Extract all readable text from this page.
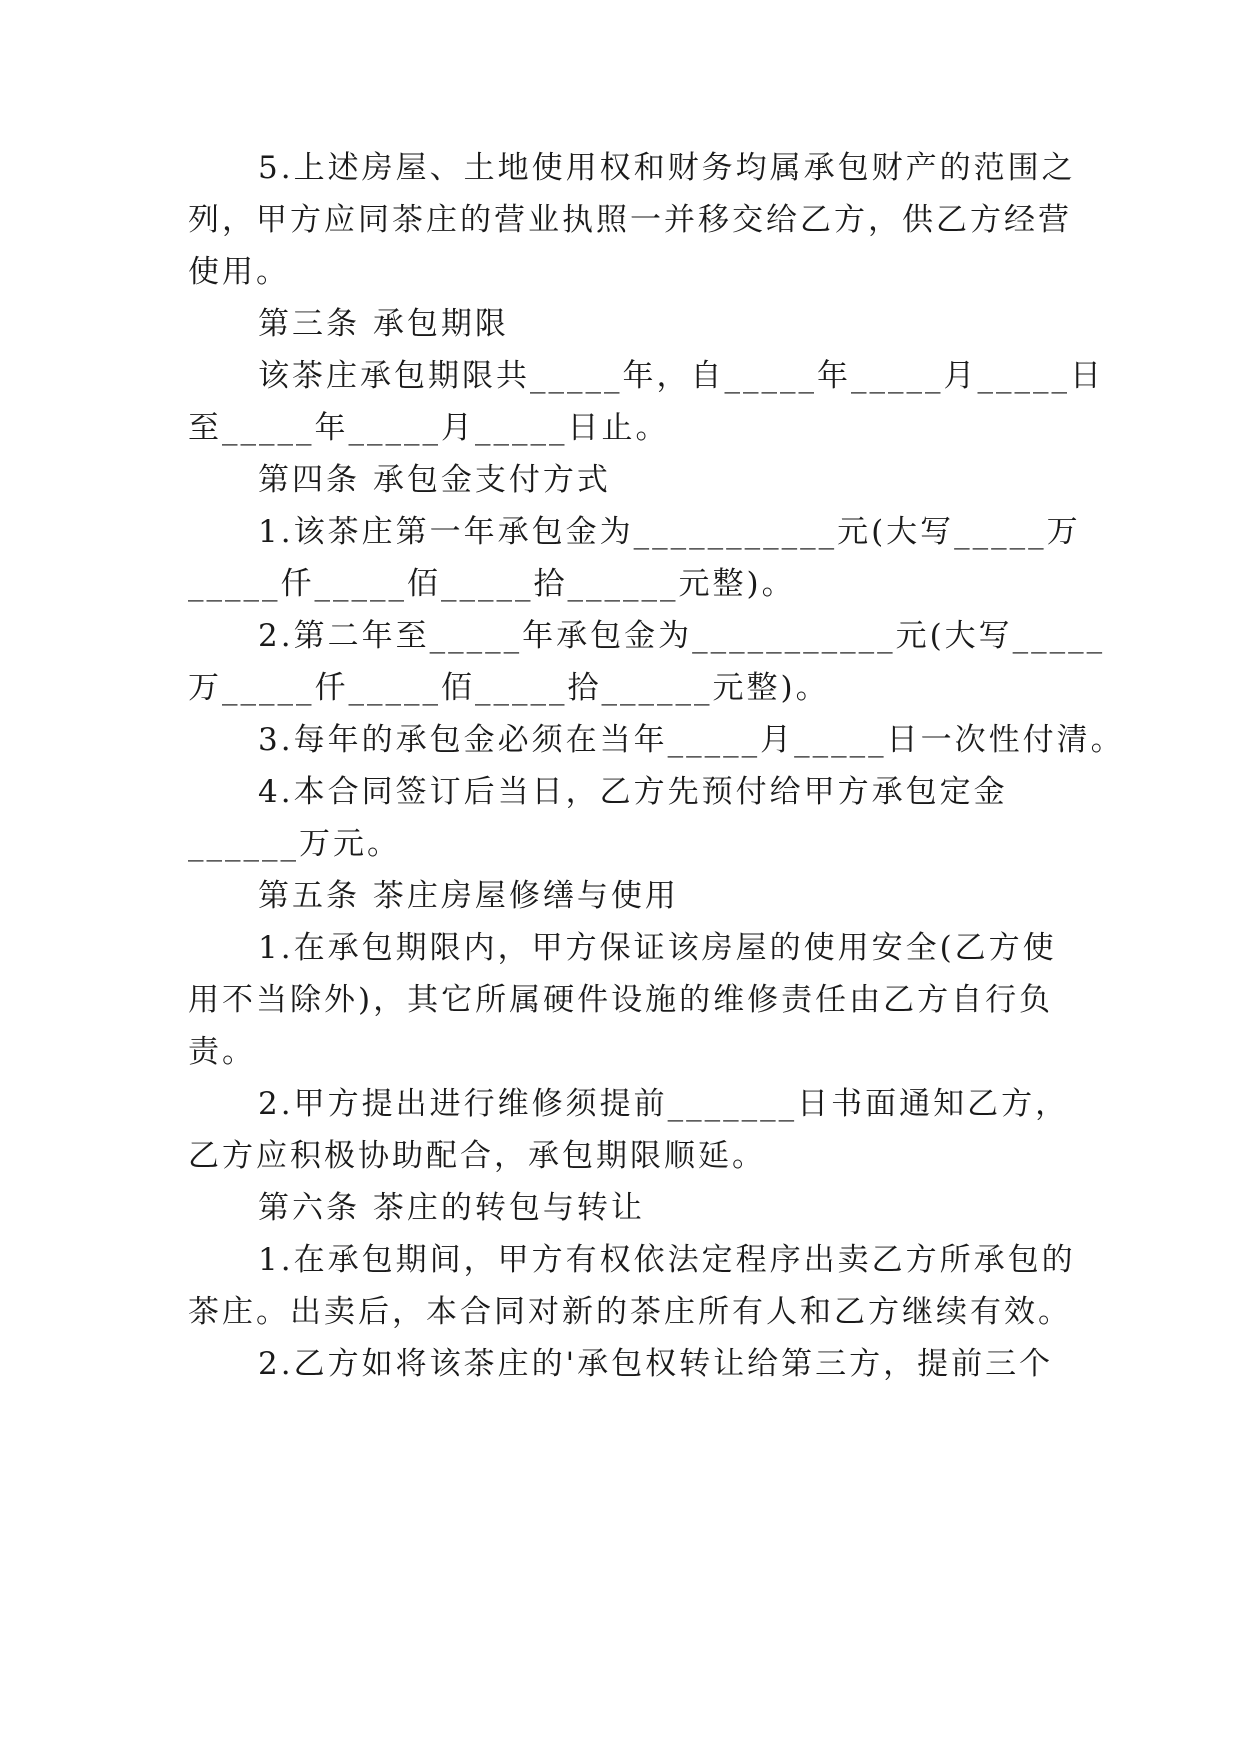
5.上述房屋、土地使用权和财务均属承包财产的范围之
列，甲方应同茶庄的营业执照一并移交给乙方，供乙方经营
使用。
第三条 承包期限
该茶庄承包期限共_____年，自_____年_____月_____日
至_____年_____月_____日止。
第四条 承包金支付方式
1.该茶庄第一年承包金为___________元(大写_____万
_____仟_____佰_____拾______元整)。
2.第二年至_____年承包金为___________元(大写_____
万_____仟_____佰_____拾______元整)。
3.每年的承包金必须在当年_____月_____日一次性付清。
4.本合同签订后当日，乙方先预付给甲方承包定金
______万元。
第五条 茶庄房屋修缮与使用
1.在承包期限内，甲方保证该房屋的使用安全(乙方使
用不当除外)，其它所属硬件设施的维修责任由乙方自行负
责。
2.甲方提出进行维修须提前_______日书面通知乙方，
乙方应积极协助配合，承包期限顺延。
第六条 茶庄的转包与转让
1.在承包期间，甲方有权依法定程序出卖乙方所承包的
茶庄。出卖后，本合同对新的茶庄所有人和乙方继续有效。
2.乙方如将该茶庄的'承包权转让给第三方，提前三个
